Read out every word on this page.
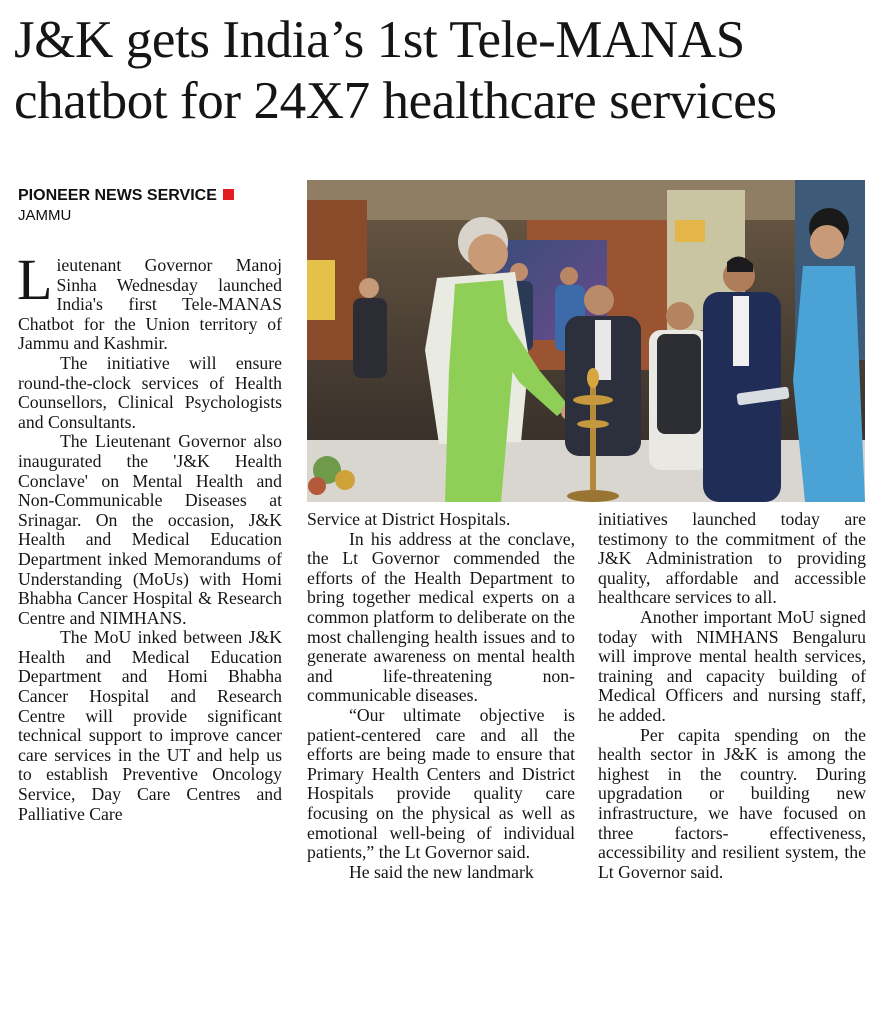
J&K gets India’s 1st Tele-MANAS
chatbot for 24X7 healthcare services
PIONEER NEWS SERVICE
JAMMU

Lieutenant Governor Manoj Sinha Wednesday launched India's first Tele-MANAS Chatbot for the Union territory of Jammu and Kashmir.

The initiative will ensure round-the-clock services of Health Counsellors, Clinical Psychologists and Consultants.

The Lieutenant Governor also inaugurated the 'J&K Health Conclave' on Mental Health and Non-Communicable Diseases at Srinagar. On the occasion, J&K Health and Medical Education Department inked Memorandums of Understanding (MoUs) with Homi Bhabha Cancer Hospital & Research Centre and NIMHANS.

The MoU inked between J&K Health and Medical Education Department and Homi Bhabha Cancer Hospital and Research Centre will provide significant technical support to improve cancer care services in the UT and help us to establish Preventive Oncology Service, Day Care Centres and Palliative Care

Service at District Hospitals.

In his address at the conclave, the Lt Governor commended the efforts of the Health Department to bring together medical experts on a common platform to deliberate on the most challenging health issues and to generate awareness on mental health and life-threatening non-communicable diseases.

“Our ultimate objective is patient-centered care and all the efforts are being made to ensure that Primary Health Centers and District Hospitals provide quality care focusing on the physical as well as emotional well-being of individual patients,” the Lt Governor said.

He said the new landmark

initiatives launched today are testimony to the commitment of the J&K Administration to providing quality, affordable and accessible healthcare services to all.

Another important MoU signed today with NIMHANS Bengaluru will improve mental health services, training and capacity building of Medical Officers and nursing staff, he added.

Per capita spending on the health sector in J&K is among the highest in the country. During upgradation or building new infrastructure, we have focused on three factors- effectiveness, accessibility and resilient system, the Lt Governor said.
